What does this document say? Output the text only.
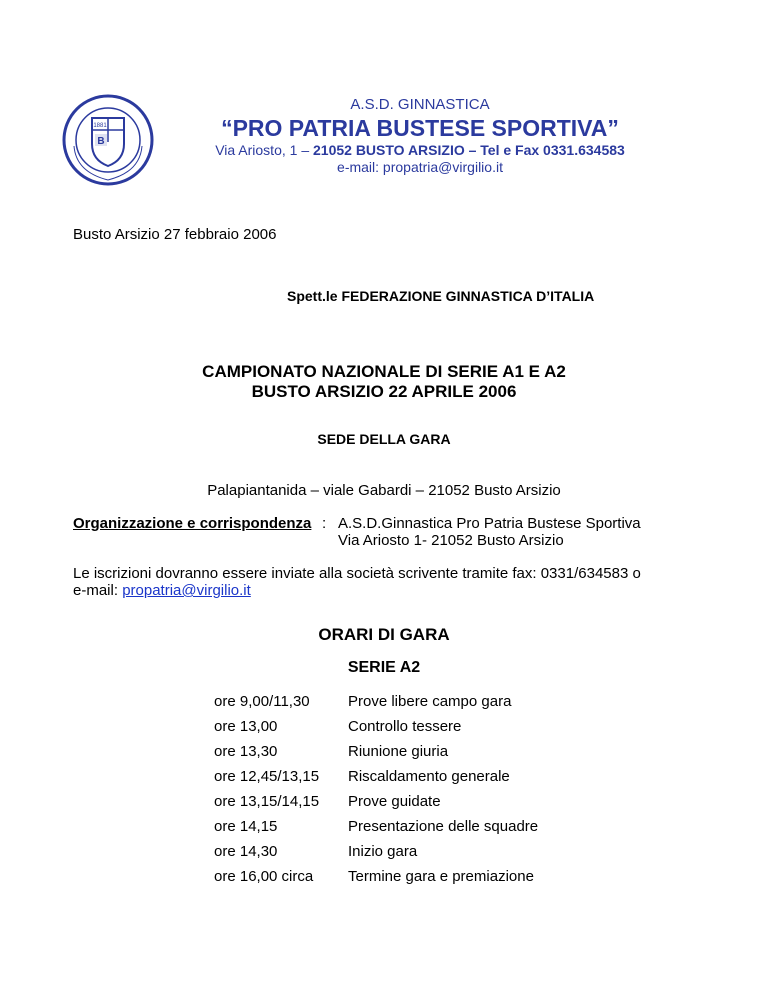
B
1881
A.S.D. GINNASTICA
“PRO PATRIA BUSTESE SPORTIVA”
Via Ariosto, 1 – 21052 BUSTO ARSIZIO – Tel e Fax 0331.634583
e-mail: propatria@virgilio.it
Busto Arsizio 27 febbraio 2006
Spett.le FEDERAZIONE GINNASTICA D’ITALIA
CAMPIONATO NAZIONALE DI SERIE A1 E A2
BUSTO ARSIZIO 22 APRILE 2006
SEDE DELLA GARA
Palapiantanida – viale Gabardi – 21052 Busto Arsizio
Organizzazione e corrispondenza : A.S.D.Ginnastica Pro Patria Bustese Sportiva
Via Ariosto 1- 21052 Busto Arsizio
Le iscrizioni dovranno essere inviate alla società scrivente tramite fax: 0331/634583 o
e-mail: propatria@virgilio.it
ORARI DI GARA
SERIE A2
ore 9,00/11,30	Prove libere campo gara
ore 13,00	Controllo tessere
ore 13,30	Riunione giuria
ore 12,45/13,15	Riscaldamento generale
ore 13,15/14,15	Prove guidate
ore 14,15	Presentazione delle squadre
ore 14,30	Inizio gara
ore 16,00 circa	Termine gara e premiazione
